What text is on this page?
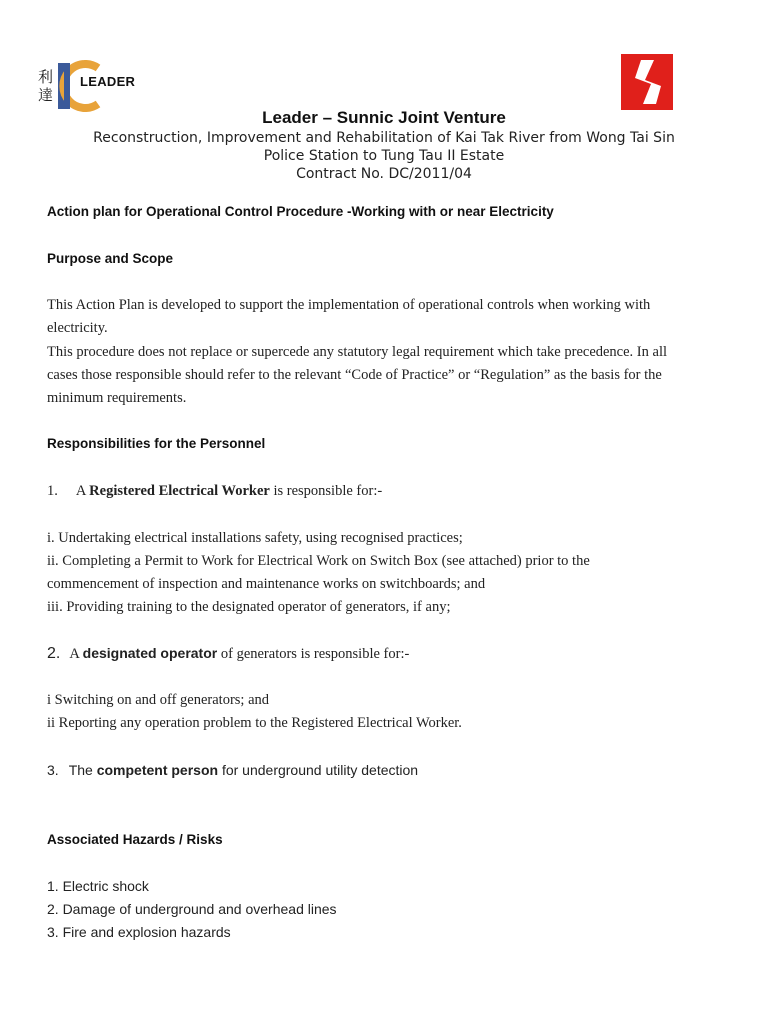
利
達
LEADER
Leader – Sunnic Joint Venture
Reconstruction, Improvement and Rehabilitation of Kai Tak River from Wong Tai Sin
Police Station to Tung Tau II Estate
Contract No. DC/2011/04
Action plan for Operational Control Procedure -Working with or near Electricity
Purpose and Scope
This Action Plan is developed to support the implementation of operational controls when working with
electricity.
This procedure does not replace or supercede any statutory legal requirement which take precedence. In all
cases those responsible should refer to the relevant “Code of Practice” or “Regulation” as the basis for the
minimum requirements.
Responsibilities for the Personnel
1. A Registered Electrical Worker is responsible for:-
i. Undertaking electrical installations safety, using recognised practices;
ii. Completing a Permit to Work for Electrical Work on Switch Box (see attached) prior to the
commencement of inspection and maintenance works on switchboards; and
iii. Providing training to the designated operator of generators, if any;
2. A designated operator of generators is responsible for:-
i Switching on and off generators; and
ii Reporting any operation problem to the Registered Electrical Worker.
3. The competent person for underground utility detection
Associated Hazards / Risks
1. Electric shock
2. Damage of underground and overhead lines
3. Fire and explosion hazards
